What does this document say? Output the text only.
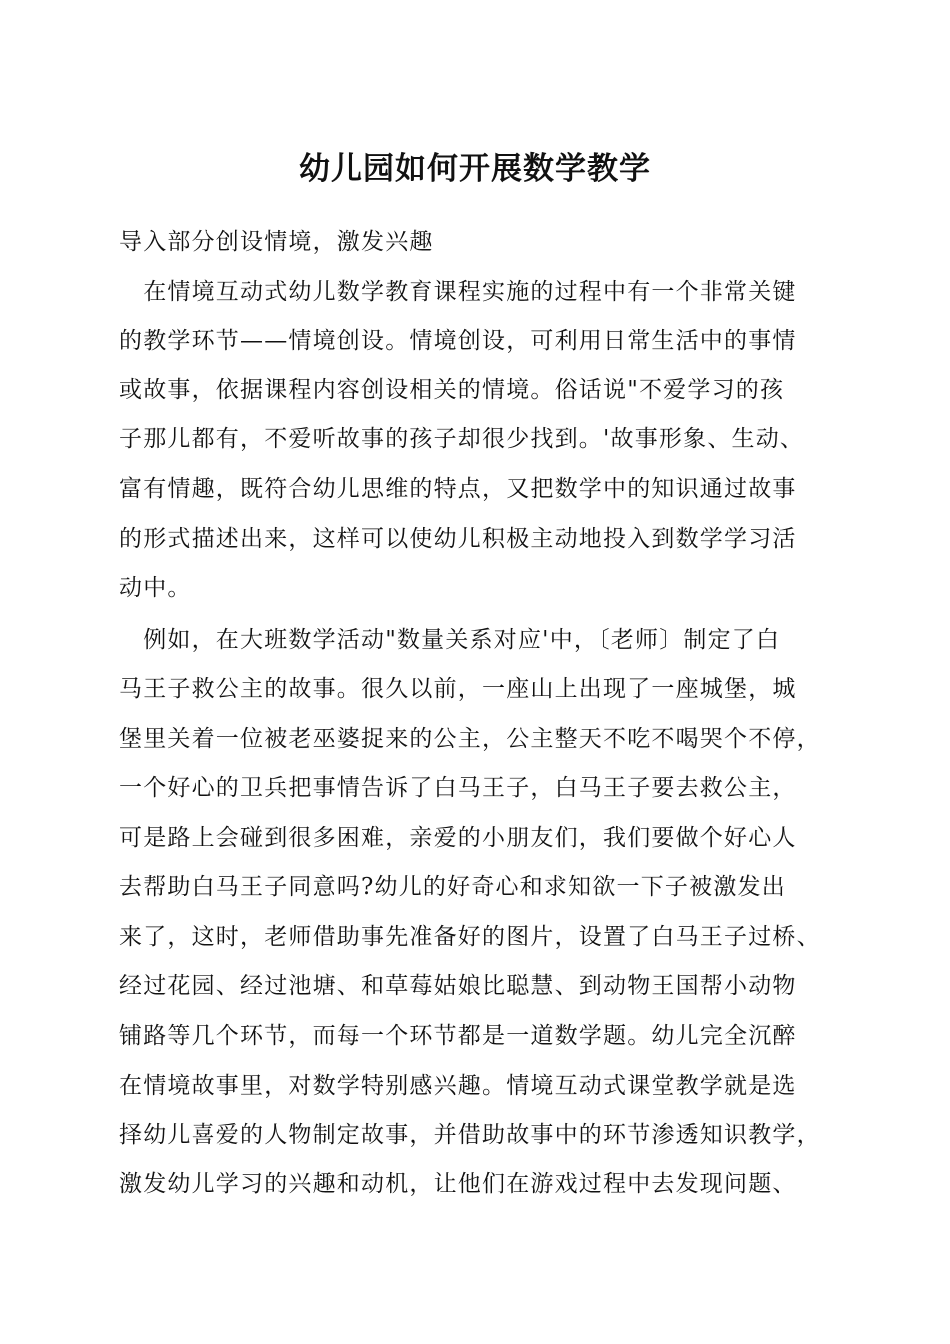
幼儿园如何开展数学教学
导入部分创设情境，激发兴趣
　在情境互动式幼儿数学教育课程实施的过程中有一个非常关键
的教学环节——情境创设。情境创设，可利用日常生活中的事情
或故事，依据课程内容创设相关的情境。俗话说"不爱学习的孩
子那儿都有，不爱听故事的孩子却很少找到。'故事形象、生动、
富有情趣，既符合幼儿思维的特点，又把数学中的知识通过故事
的形式描述出来，这样可以使幼儿积极主动地投入到数学学习活
动中。
　例如，在大班数学活动"数量关系对应'中，〔老师〕制定了白
马王子救公主的故事。很久以前，一座山上出现了一座城堡，城
堡里关着一位被老巫婆捉来的公主，公主整天不吃不喝哭个不停，
一个好心的卫兵把事情告诉了白马王子，白马王子要去救公主，
可是路上会碰到很多困难，亲爱的小朋友们，我们要做个好心人
去帮助白马王子同意吗?幼儿的好奇心和求知欲一下子被激发出
来了，这时，老师借助事先准备好的图片，设置了白马王子过桥、
经过花园、经过池塘、和草莓姑娘比聪慧、到动物王国帮小动物
铺路等几个环节，而每一个环节都是一道数学题。幼儿完全沉醉
在情境故事里，对数学特别感兴趣。情境互动式课堂教学就是选
择幼儿喜爱的人物制定故事，并借助故事中的环节渗透知识教学，
激发幼儿学习的兴趣和动机，让他们在游戏过程中去发现问题、
